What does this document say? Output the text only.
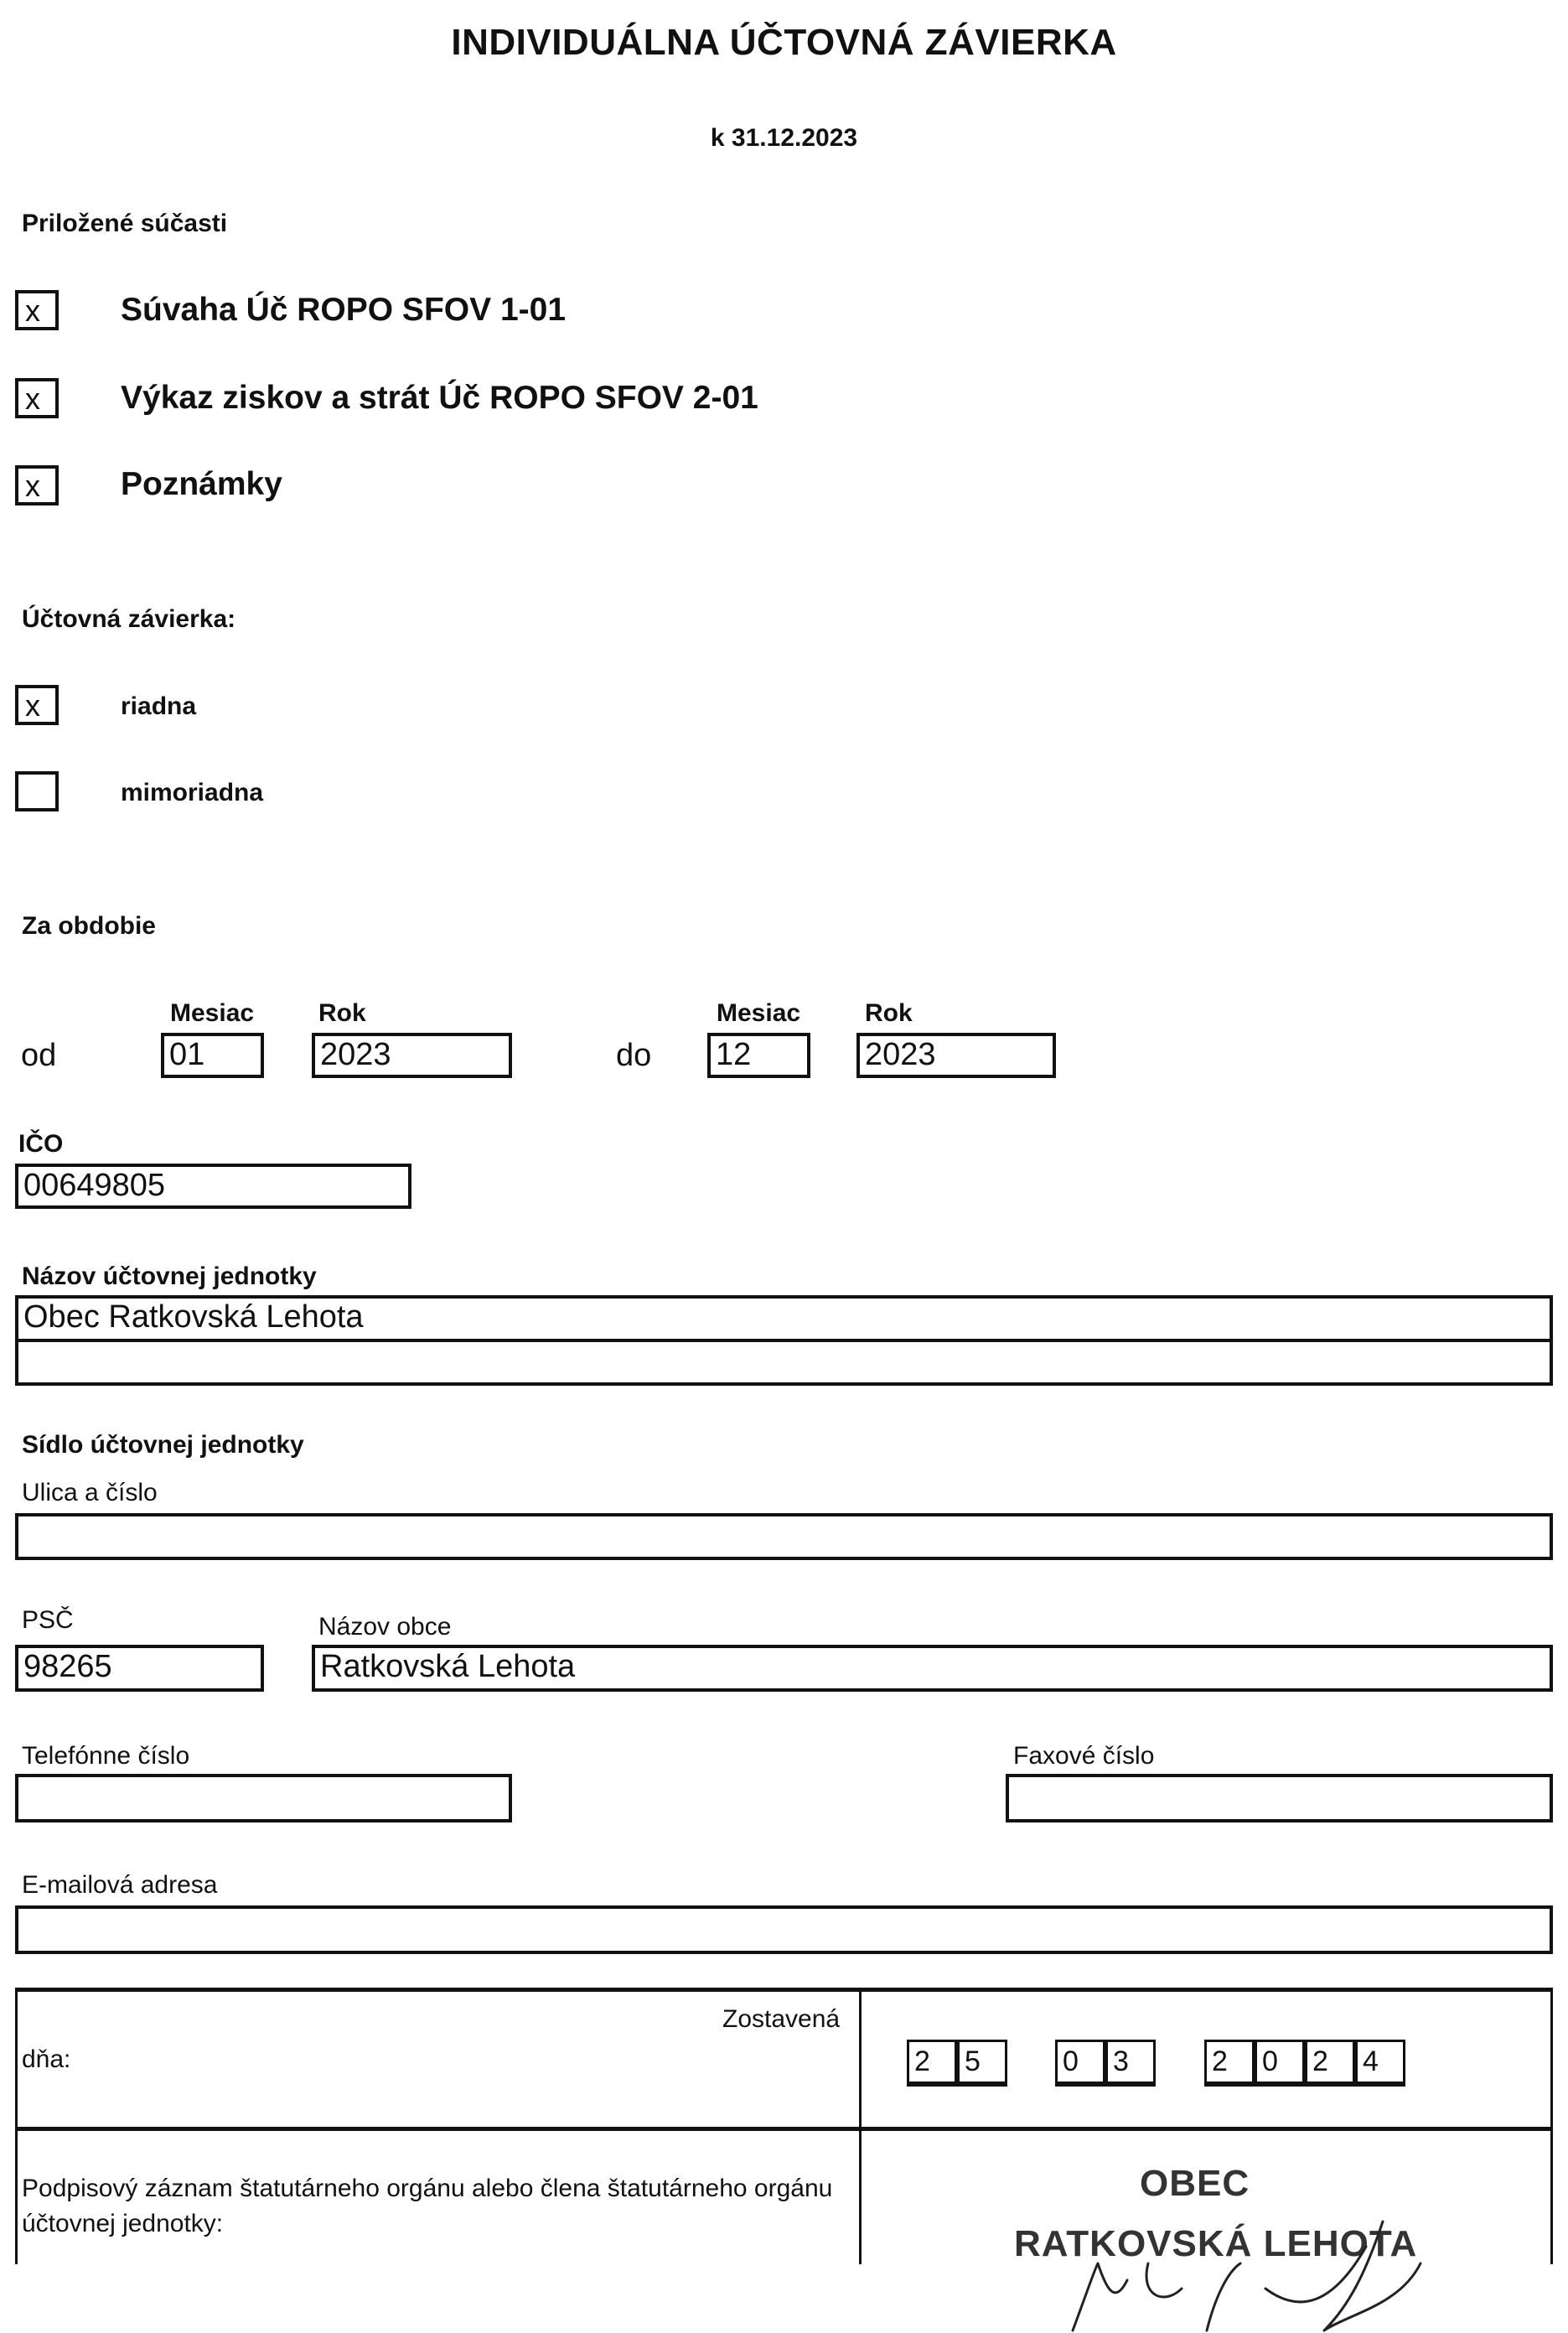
INDIVIDUÁLNA ÚČTOVNÁ ZÁVIERKA
k 31.12.2023
Priložené súčasti
x	Súvaha Úč ROPO SFOV 1-01
x	Výkaz ziskov a strát Úč ROPO SFOV 2-01
x	Poznámky
Účtovná závierka:
x	riadna
mimoriadna
Za obdobie
Mesiac	Rok	Mesiac	Rok
od	01	2023	do 12	2023
IČO
00649805
Názov účtovnej jednotky
Obec Ratkovská Lehota
Sídlo účtovnej jednotky
Ulica a číslo
PSČ	Názov obce
98265	Ratkovská Lehota
Telefónne číslo	Faxové číslo
E-mailová adresa
Zostavená
dňa:	2	5	0	3	2	0	2	4
Podpisový záznam štatutárneho orgánu alebo člena štatutárneho orgánu účtovnej jednotky:
OBEC
RATKOVSKÁ LEHOTA
